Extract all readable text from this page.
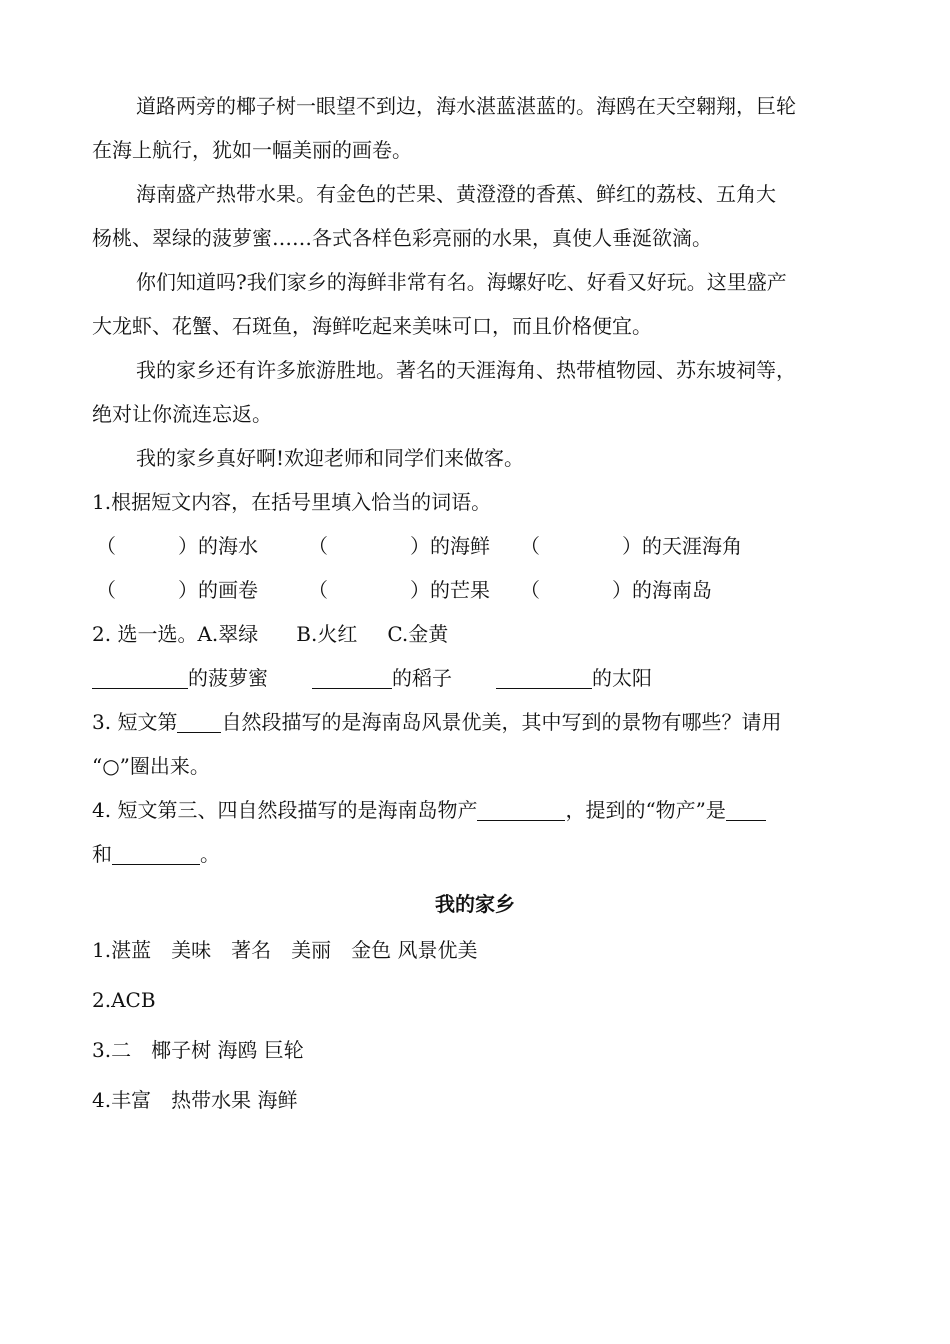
道路两旁的椰子树一眼望不到边，海水湛蓝湛蓝的。海鸥在天空翱翔，巨轮
在海上航行，犹如一幅美丽的画卷。
海南盛产热带水果。有金色的芒果、黄澄澄的香蕉、鲜红的荔枝、五角大
杨桃、翠绿的菠萝蜜……各式各样色彩亮丽的水果，真使人垂涎欲滴。
你们知道吗?我们家乡的海鲜非常有名。海螺好吃、好看又好玩。这里盛产
大龙虾、花蟹、石斑鱼，海鲜吃起来美味可口，而且价格便宜。
我的家乡还有许多旅游胜地。著名的天涯海角、热带植物园、苏东坡祠等，
绝对让你流连忘返。
我的家乡真好啊!欢迎老师和同学们来做客。
1.根据短文内容，在括号里填入恰当的词语。
（	）的海水	（	）的海鲜 （	）的天涯海角
（	）的画卷	（	）的芒果 （	）的海南岛
2. 选一选。A.翠绿 B.火红 C.金黄
的菠萝蜜	的稻子	的太阳
3. 短文第 自然段描写的是海南岛风景优美，其中写到的景物有哪些？请用
“○”圈出来。
4. 短文第三、四自然段描写的是海南岛物产	，提到的“物产”是
和	。
我的家乡
1.湛蓝　美味　著名　美丽　金色 风景优美
2.ACB
3.二　椰子树 海鸥 巨轮
4.丰富　热带水果 海鲜
